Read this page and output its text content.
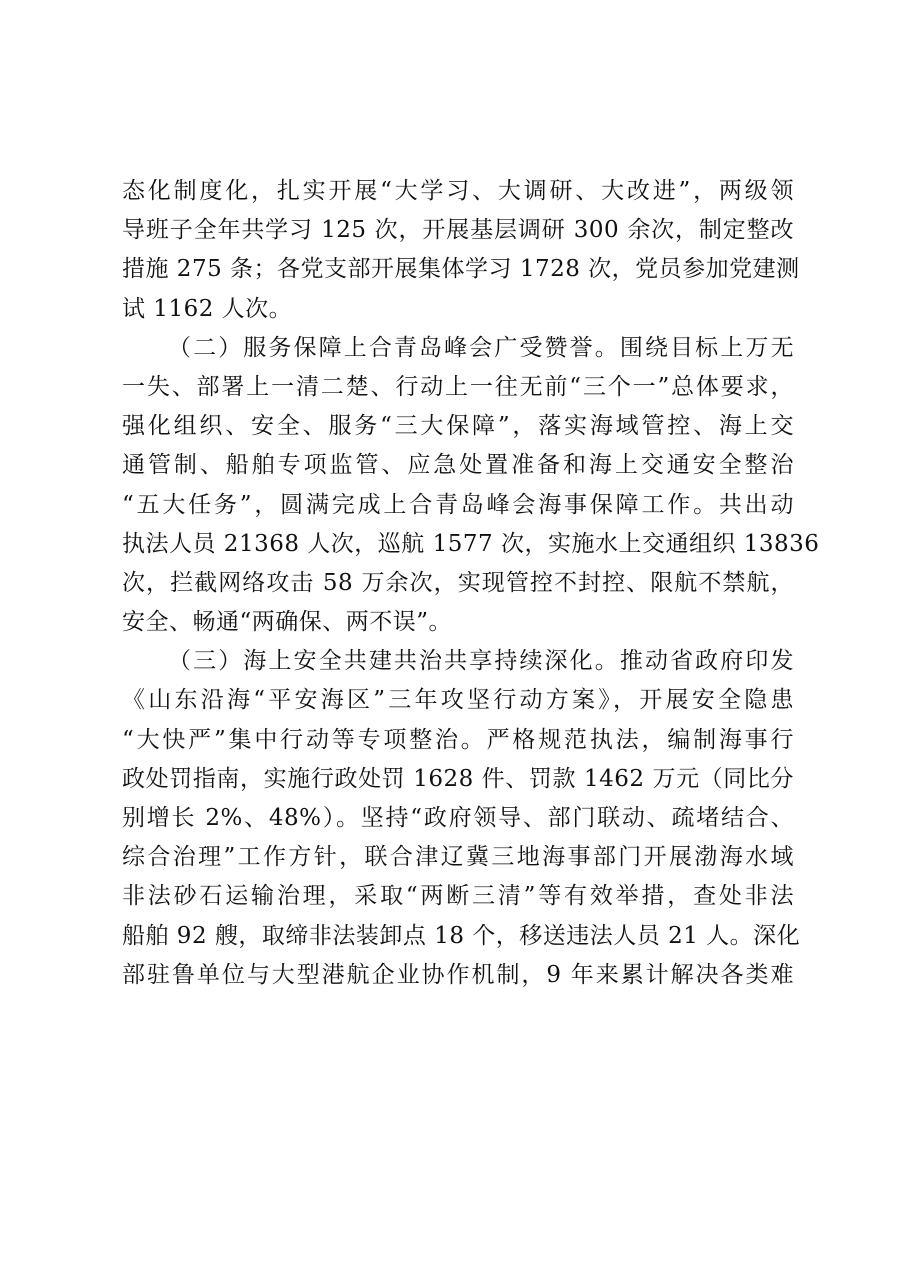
态化制度化，扎实开展“大学习、大调研、大改进”，两级领
导班子全年共学习 125 次，开展基层调研 300 余次，制定整改
措施 275 条；各党支部开展集体学习 1728 次，党员参加党建测
试 1162 人次。
（二）服务保障上合青岛峰会广受赞誉。围绕目标上万无
一失、部署上一清二楚、行动上一往无前“三个一”总体要求，
强化组织、安全、服务“三大保障”，落实海域管控、海上交
通管制、船舶专项监管、应急处置准备和海上交通安全整治
“五大任务”，圆满完成上合青岛峰会海事保障工作。共出动
执法人员 21368 人次，巡航 1577 次，实施水上交通组织 13836
次，拦截网络攻击 58 万余次，实现管控不封控、限航不禁航，
安全、畅通“两确保、两不误”。
（三）海上安全共建共治共享持续深化。推动省政府印发
《山东沿海“平安海区”三年攻坚行动方案》，开展安全隐患
“大快严”集中行动等专项整治。严格规范执法，编制海事行
政处罚指南，实施行政处罚 1628 件、罚款 1462 万元（同比分
别增长 2%、48%）。坚持“政府领导、部门联动、疏堵结合、
综合治理”工作方针，联合津辽冀三地海事部门开展渤海水域
非法砂石运输治理，采取“两断三清”等有效举措，查处非法
船舶 92 艘，取缔非法装卸点 18 个，移送违法人员 21 人。深化
部驻鲁单位与大型港航企业协作机制，9 年来累计解决各类难
